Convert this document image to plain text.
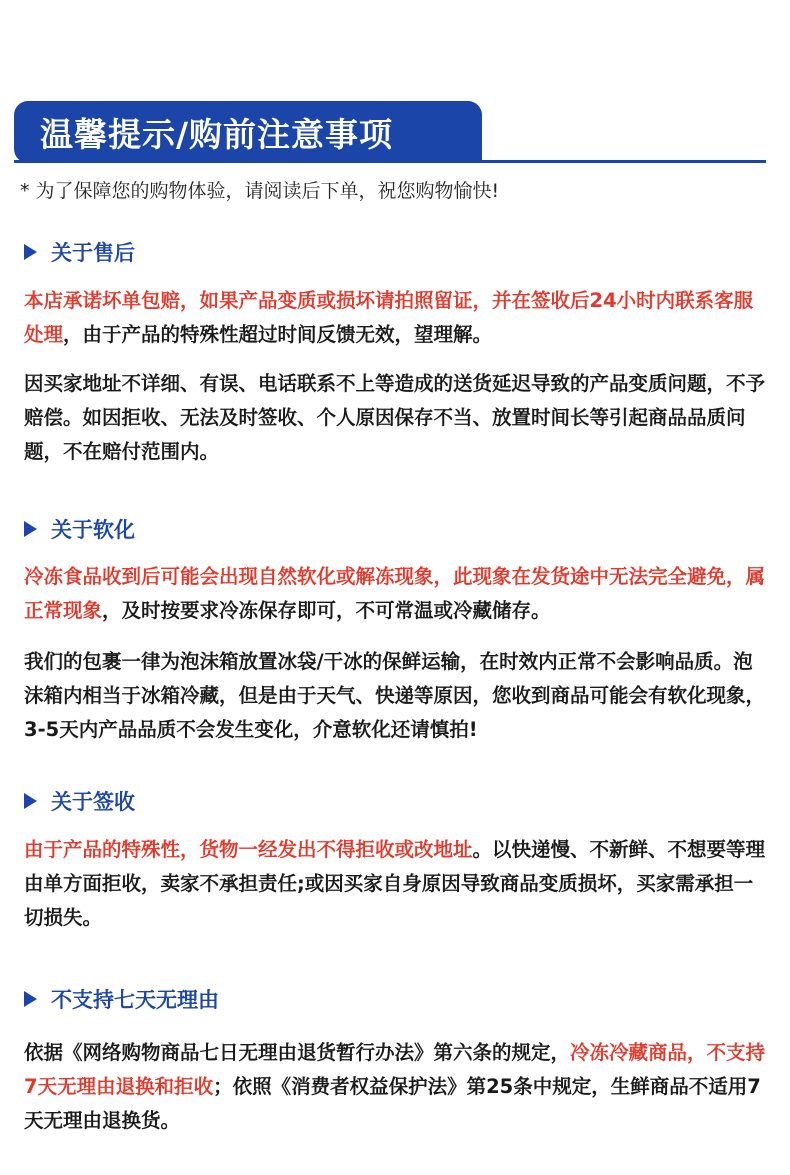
温馨提示/购前注意事项
* 为了保障您的购物体验，请阅读后下单，祝您购物愉快!
关于售后

本店承诺坏单包赔，如果产品变质或损坏请拍照留证，并在签收后24小时内联系客服处理，由于产品的特殊性超过时间反馈无效，望理解。

因买家地址不详细、有误、电话联系不上等造成的送货延迟导致的产品变质问题，不予赔偿。如因拒收、无法及时签收、个人原因保存不当、放置时间长等引起商品品质问题，不在赔付范围内。

关于软化

冷冻食品收到后可能会出现自然软化或解冻现象，此现象在发货途中无法完全避免，属正常现象，及时按要求冷冻保存即可，不可常温或冷藏储存。

我们的包裹一律为泡沫箱放置冰袋/干冰的保鲜运输，在时效内正常不会影响品质。泡沫箱内相当于冰箱冷藏，但是由于天气、快递等原因，您收到商品可能会有软化现象，3-5天内产品品质不会发生变化，介意软化还请慎拍!

关于签收

由于产品的特殊性，货物一经发出不得拒收或改地址。以快递慢、不新鲜、不想要等理由单方面拒收，卖家不承担责任;或因买家自身原因导致商品变质损坏，买家需承担一切损失。

不支持七天无理由

依据《网络购物商品七日无理由退货暂行办法》第六条的规定，冷冻冷藏商品，不支持7天无理由退换和拒收；依照《消费者权益保护法》第25条中规定，生鲜商品不适用7天无理由退换货。
